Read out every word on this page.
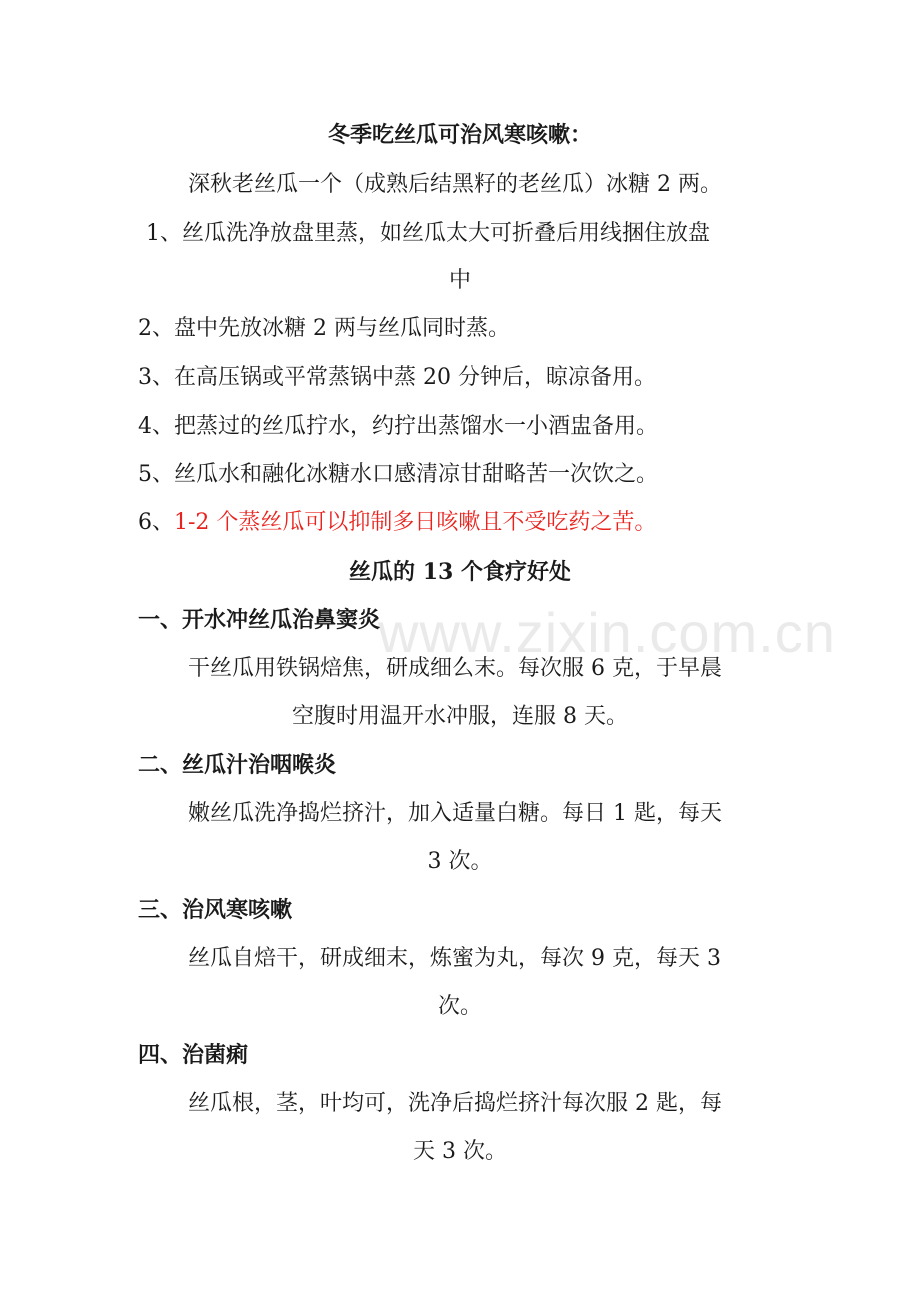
www.zixin.com.cn
冬季吃丝瓜可治风寒咳嗽：
深秋老丝瓜一个（成熟后结黑籽的老丝瓜）冰糖 2 两。
1、丝瓜洗净放盘里蒸，如丝瓜太大可折叠后用线捆住放盘
中
2、盘中先放冰糖 2 两与丝瓜同时蒸。
3、在高压锅或平常蒸锅中蒸 20 分钟后，晾凉备用。
4、把蒸过的丝瓜拧水，约拧出蒸馏水一小酒盅备用。
5、丝瓜水和融化冰糖水口感清凉甘甜略苦一次饮之。
6、1-2 个蒸丝瓜可以抑制多日咳嗽且不受吃药之苦。
丝瓜的 13 个食疗好处
一、开水冲丝瓜治鼻窦炎
干丝瓜用铁锅焙焦，研成细么末。每次服 6 克，于早晨
空腹时用温开水冲服，连服 8 天。
二、丝瓜汁治咽喉炎
嫩丝瓜洗净捣烂挤汁，加入适量白糖。每日 1 匙，每天
3 次。
三、治风寒咳嗽
丝瓜自焙干，研成细末，炼蜜为丸，每次 9 克，每天 3
次。
四、治菌痢
丝瓜根，茎，叶均可，洗净后捣烂挤汁每次服 2 匙，每
天 3 次。
